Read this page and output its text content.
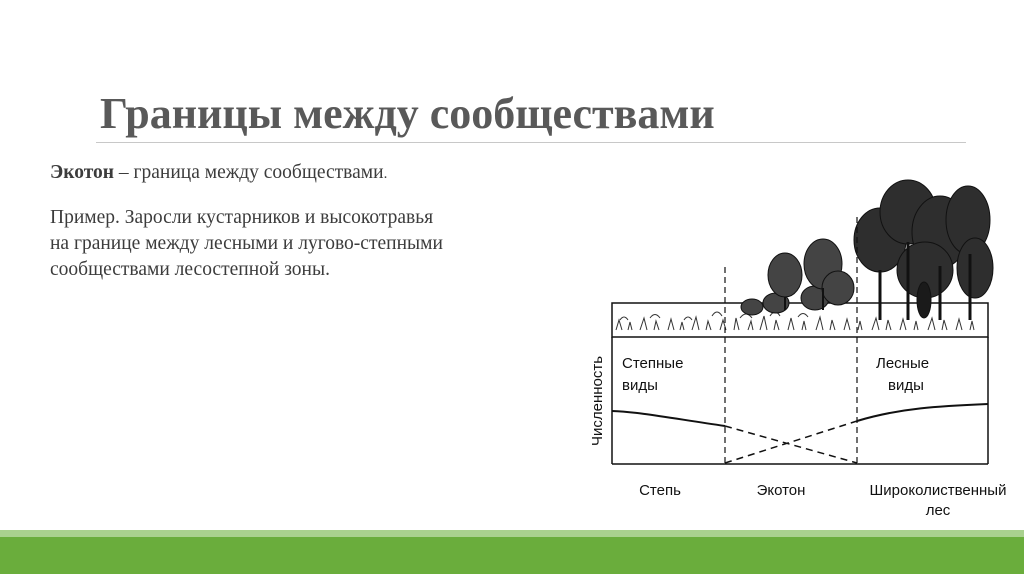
Границы между сообществами

Экотон – граница между сообществами.

Пример. Заросли кустарников и высокотравья
на границе между лесными и лугово-степными
сообществами лесостепной зоны.

Численность Степные
виды
Лесные
виды
Степь	Экотон	Широколиственный
лес
